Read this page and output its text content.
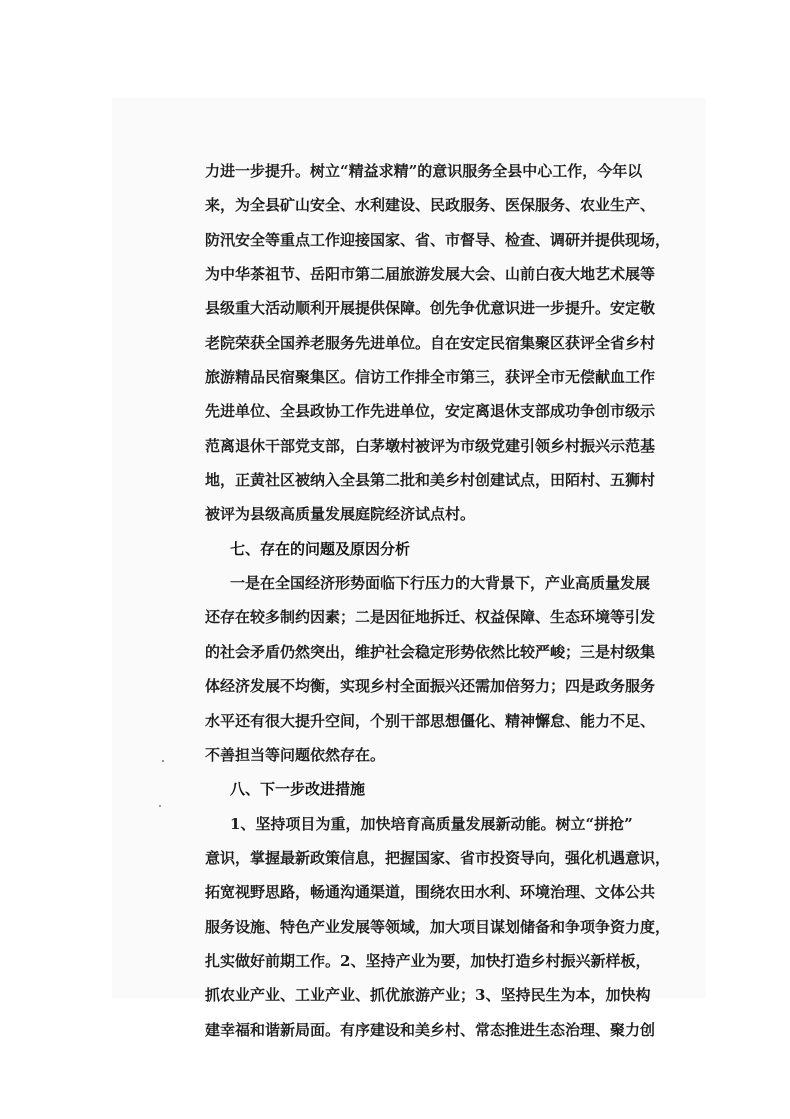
力进一步提升。树立“精益求精”的意识服务全县中心工作，今年以
来，为全县矿山安全、水利建设、民政服务、医保服务、农业生产、
防汛安全等重点工作迎接国家、省、市督导、检查、调研并提供现场，
为中华茶祖节、岳阳市第二届旅游发展大会、山前白夜大地艺术展等
县级重大活动顺利开展提供保障。创先争优意识进一步提升。安定敬
老院荣获全国养老服务先进单位。自在安定民宿集聚区获评全省乡村
旅游精品民宿聚集区。信访工作排全市第三，获评全市无偿献血工作
先进单位、全县政协工作先进单位，安定离退休支部成功争创市级示
范离退休干部党支部，白茅墩村被评为市级党建引领乡村振兴示范基
地，正黄社区被纳入全县第二批和美乡村创建试点，田陌村、五狮村
被评为县级高质量发展庭院经济试点村。
七、存在的问题及原因分析
一是在全国经济形势面临下行压力的大背景下，产业高质量发展
还存在较多制约因素；二是因征地拆迁、权益保障、生态环境等引发
的社会矛盾仍然突出，维护社会稳定形势依然比较严峻；三是村级集
体经济发展不均衡，实现乡村全面振兴还需加倍努力；四是政务服务
水平还有很大提升空间，个别干部思想僵化、精神懈怠、能力不足、
不善担当等问题依然存在。
八、下一步改进措施
1、坚持项目为重，加快培育高质量发展新动能。树立“拼抢”
意识，掌握最新政策信息，把握国家、省市投资导向，强化机遇意识，
拓宽视野思路，畅通沟通渠道，围绕农田水利、环境治理、文体公共
服务设施、特色产业发展等领域，加大项目谋划储备和争项争资力度，
扎实做好前期工作。2、坚持产业为要，加快打造乡村振兴新样板，
抓农业产业、工业产业、抓优旅游产业；3、坚持民生为本，加快构
建幸福和谐新局面。有序建设和美乡村、常态推进生态治理、聚力创
